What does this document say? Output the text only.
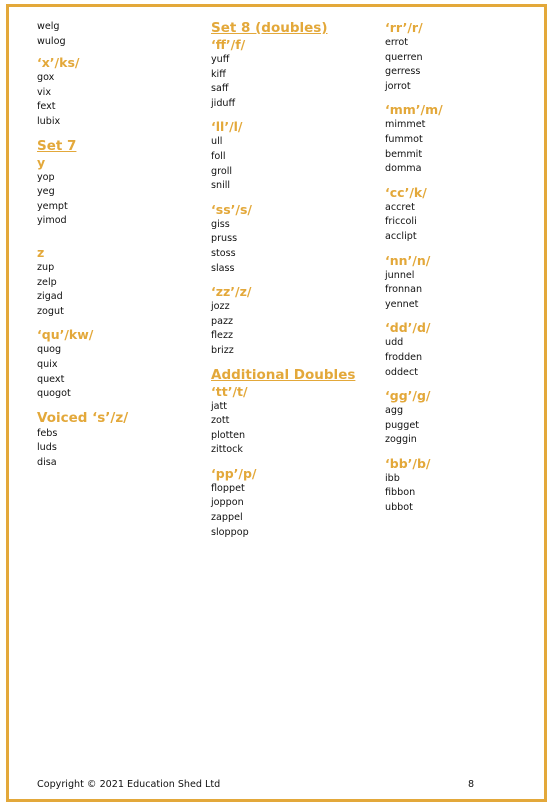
welg
wulog
‘x’/ks/
gox
vix
fext
lubix
Set 7
y
yop
yeg
yempt
yimod
z
zup
zelp
zigad
zogut
‘qu’/kw/
quog
quix
quext
quogot
Voiced ‘s’/z/
febs
luds
disa
Set 8 (doubles)
‘ff’/f/
yuff
kiff
saff
jiduff
‘ll’/l/
ull
foll
groll
snill
‘ss’/s/
giss
pruss
stoss
slass
‘zz’/z/
jozz
pazz
flezz
brizz
Additional Doubles
‘tt’/t/
jatt
zott
plotten
zittock
‘pp’/p/
floppet
joppon
zappel
sloppop
‘rr’/r/
errot
querren
gerress
jorrot
‘mm’/m/
mimmet
fummot
bemmit
domma
‘cc’/k/
accret
friccoli
acclipt
‘nn’/n/
junnel
fronnan
yennet
‘dd’/d/
udd
frodden
oddect
‘gg’/g/
agg
pugget
zoggin
‘bb’/b/
ibb
fibbon
ubbot
Copyright © 2021 Education Shed Ltd	8
